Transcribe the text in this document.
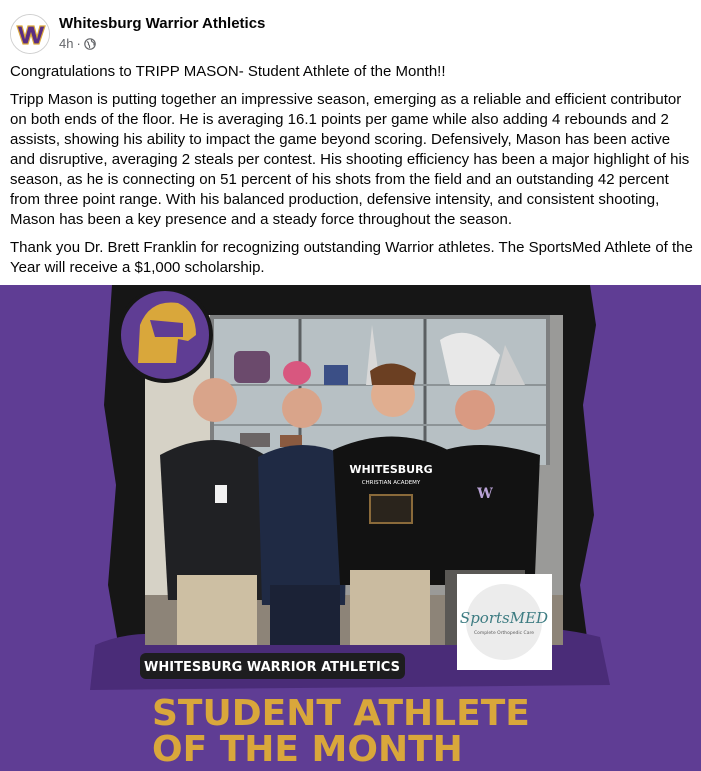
Whitesburg Warrior Athletics
4h ·

Congratulations to TRIPP MASON- Student Athlete of the Month!!

Tripp Mason is putting together an impressive season, emerging as a reliable and efficient contributor on both ends of the floor. He is averaging 16.1 points per game while also adding 4 rebounds and 2 assists, showing his ability to impact the game beyond scoring. Defensively, Mason has been active and disruptive, averaging 2 steals per contest. His shooting efficiency has been a major highlight of his season, as he is connecting on 51 percent of his shots from the field and an outstanding 42 percent from three point range. With his balanced production, defensive intensity, and consistent shooting, Mason has been a key presence and a steady force throughout the season.

Thank you Dr. Brett Franklin for recognizing outstanding Warrior athletes. The SportsMed Athlete of the Year will receive a $1,000 scholarship.

WHITESBURG
CHRISTIAN ACADEMY
W
SportsMED
Complete Orthopedic Care
WHITESBURG WARRIOR ATHLETICS
STUDENT ATHLETE
OF THE MONTH
